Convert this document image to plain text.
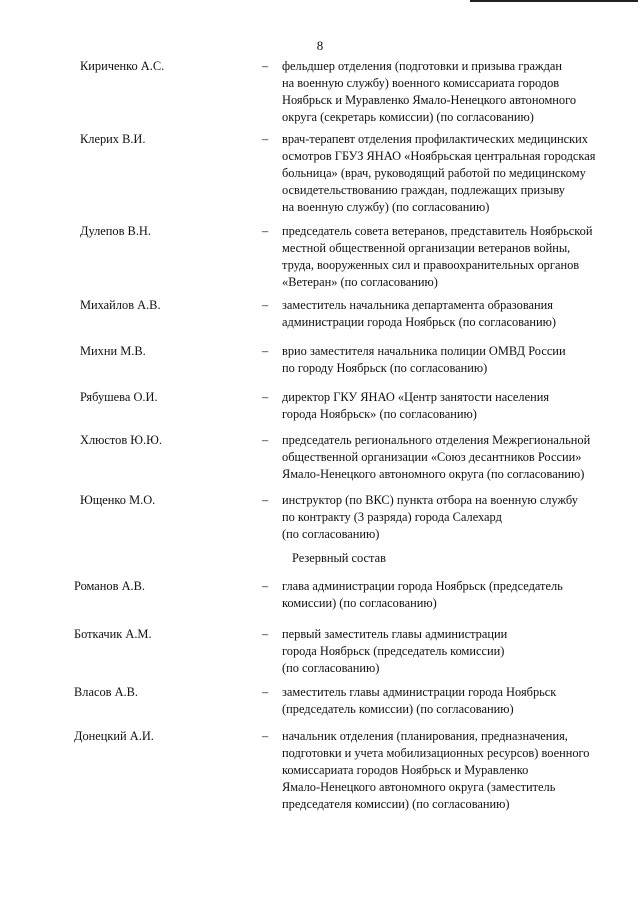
8
Резервный состав
Кириченко А.С.	– фельдшер отделения (подготовки и призыва граждан
на военную службу) военного комиссариата городов
Ноябрьск и Муравленко Ямало-Ненецкого автономного
округа (секретарь комиссии) (по согласованию)
Клерих В.И.	– врач-терапевт отделения профилактических медицинских
осмотров ГБУЗ ЯНАО «Ноябрьская центральная городская
больница» (врач, руководящий работой по медицинскому
освидетельствованию граждан, подлежащих призыву
на военную службу) (по согласованию)
Дулепов В.Н.	– председатель совета ветеранов, представитель Ноябрьской
местной общественной организации ветеранов войны,
труда, вооруженных сил и правоохранительных органов
«Ветеран» (по согласованию)
Михайлов А.В.	– заместитель начальника департамента образования
администрации города Ноябрьск (по согласованию)
Михни М.В.	– врио заместителя начальника полиции ОМВД России
по городу Ноябрьск (по согласованию)
Рябушева О.И.	– директор ГКУ ЯНАО «Центр занятости населения
города Ноябрьск» (по согласованию)
Хлюстов Ю.Ю.	– председатель регионального отделения Межрегиональной
общественной организации «Союз десантников России»
Ямало-Ненецкого автономного округа (по согласованию)
Ющенко М.О.	– инструктор (по ВКС) пункта отбора на военную службу
по контракту (3 разряда) города Салехард
(по согласованию)
Романов А.В.	– глава администрации города Ноябрьск (председатель
комиссии) (по согласованию)
Боткачик А.М.	– первый заместитель главы администрации
города Ноябрьск (председатель комиссии)
(по согласованию)
Власов А.В.	– заместитель главы администрации города Ноябрьск
(председатель комиссии) (по согласованию)
Донецкий А.И.	– начальник отделения (планирования, предназначения,
подготовки и учета мобилизационных ресурсов) военного
комиссариата городов Ноябрьск и Муравленко
Ямало-Ненецкого автономного округа (заместитель
председателя комиссии) (по согласованию)
